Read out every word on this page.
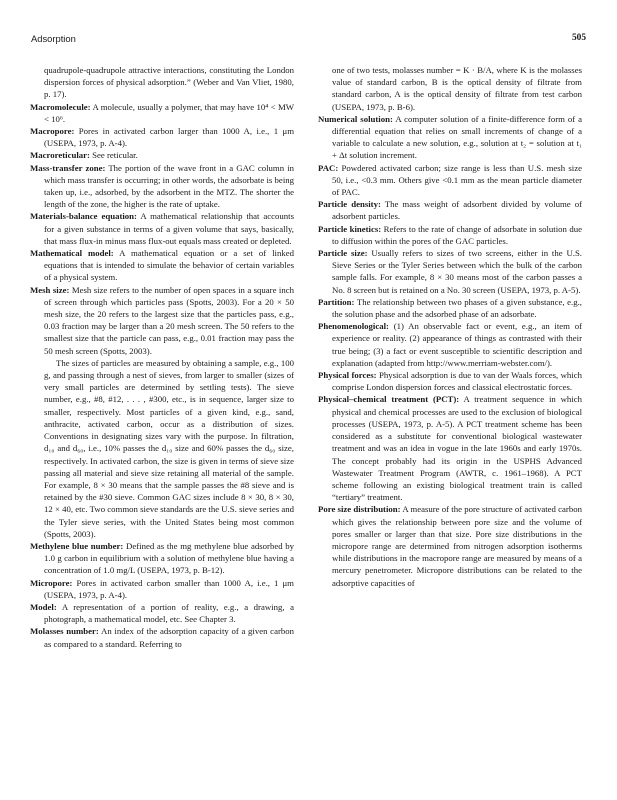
Adsorption	505

quadrupole-quadrupole attractive interactions, constituting the London dispersion forces of physical adsorption.” (Weber and Van Vliet, 1980, p. 17).

Macromolecule: A molecule, usually a polymer, that may have 10⁴ < MW < 10⁶.

Macropore: Pores in activated carbon larger than 1000 A, i.e., 1 μm (USEPA, 1973, p. A-4).

Macroreticular: See reticular.

Mass-transfer zone: The portion of the wave front in a GAC column in which mass transfer is occurring; in other words, the adsorbate is being taken up, i.e., adsorbed, by the adsorbent in the MTZ. The shorter the length of the zone, the higher is the rate of uptake.

Materials-balance equation: A mathematical relationship that accounts for a given substance in terms of a given volume that says, basically, that mass flux-in minus mass flux-out equals mass created or depleted.

Mathematical model: A mathematical equation or a set of linked equations that is intended to simulate the behavior of certain variables of a physical system.

Mesh size: Mesh size refers to the number of open spaces in a square inch of screen through which particles pass (Spotts, 2003). For a 20 × 50 mesh size, the 20 refers to the largest size that the particles pass, e.g., 0.03 fraction may be larger than a 20 mesh screen. The 50 refers to the smallest size that the particle can pass, e.g., 0.01 fraction may pass the 50 mesh screen (Spotts, 2003).

The sizes of particles are measured by obtaining a sample, e.g., 100 g, and passing through a nest of sieves, from larger to smaller (sizes of very small particles are determined by settling tests). The sieve number, e.g., #8, #12, . . . , #300, etc., is in sequence, larger size to smaller, respectively. Most particles of a given kind, e.g., sand, anthracite, activated carbon, occur as a distribution of sizes. Conventions in designating sizes vary with the purpose. In filtration, d₁₀ and d₆₀, i.e., 10% passes the d₁₀ size and 60% passes the d₆₀ size, respectively. In activated carbon, the size is given in terms of sieve size passing all material and sieve size retaining all material of the sample. For example, 8 × 30 means that the sample passes the #8 sieve and is retained by the #30 sieve. Common GAC sizes include 8 × 30, 8 × 30, 12 × 40, etc. Two common sieve standards are the U.S. sieve series and the Tyler sieve series, with the United States being most common (Spotts, 2003).

Methylene blue number: Defined as the mg methylene blue adsorbed by 1.0 g carbon in equilibrium with a solution of methylene blue having a concentration of 1.0 mg/L (USEPA, 1973, p. B-12).

Micropore: Pores in activated carbon smaller than 1000 A, i.e., 1 μm (USEPA, 1973, p. A-4).

Model: A representation of a portion of reality, e.g., a drawing, a photograph, a mathematical model, etc. See Chapter 3.

Molasses number: An index of the adsorption capacity of a given carbon as compared to a standard. Referring to

one of two tests, molasses number = K · B/A, where K is the molasses value of standard carbon, B is the optical density of filtrate from standard carbon, A is the optical density of filtrate from test carbon (USEPA, 1973, p. B-6).

Numerical solution: A computer solution of a finite-difference form of a differential equation that relies on small increments of change of a variable to calculate a new solution, e.g., solution at t₂ = solution at t₁ + Δt solution increment.

PAC: Powdered activated carbon; size range is less than U.S. mesh size 50, i.e., <0.3 mm. Others give <0.1 mm as the mean particle diameter of PAC.

Particle density: The mass weight of adsorbent divided by volume of adsorbent particles.

Particle kinetics: Refers to the rate of change of adsorbate in solution due to diffusion within the pores of the GAC particles.

Particle size: Usually refers to sizes of two screens, either in the U.S. Sieve Series or the Tyler Series between which the bulk of the carbon sample falls. For example, 8 × 30 means most of the carbon passes a No. 8 screen but is retained on a No. 30 screen (USEPA, 1973, p. A-5).

Partition: The relationship between two phases of a given substance, e.g., the solution phase and the adsorbed phase of an adsorbate.

Phenomenological: (1) An observable fact or event, e.g., an item of experience or reality. (2) appearance of things as contrasted with their true being; (3) a fact or event susceptible to scientific description and explanation (adapted from http://www.merriam-webster.com/).

Physical forces: Physical adsorption is due to van der Waals forces, which comprise London dispersion forces and classical electrostatic forces.

Physical–chemical treatment (PCT): A treatment sequence in which physical and chemical processes are used to the exclusion of biological processes (USEPA, 1973, p. A-5). A PCT treatment scheme has been considered as a substitute for conventional biological wastewater treatment and was an idea in vogue in the late 1960s and early 1970s. The concept probably had its origin in the USPHS Advanced Wastewater Treatment Program (AWTR, c. 1961–1968). A PCT scheme following an existing biological treatment train is called “tertiary” treatment.

Pore size distribution: A measure of the pore structure of activated carbon which gives the relationship between pore size and the volume of pores smaller or larger than that size. Pore size distributions in the micropore range are determined from nitrogen adsorption isotherms while distributions in the macropore range are measured by means of a mercury penetrometer. Micropore distributions can be related to the adsorptive capacities of
